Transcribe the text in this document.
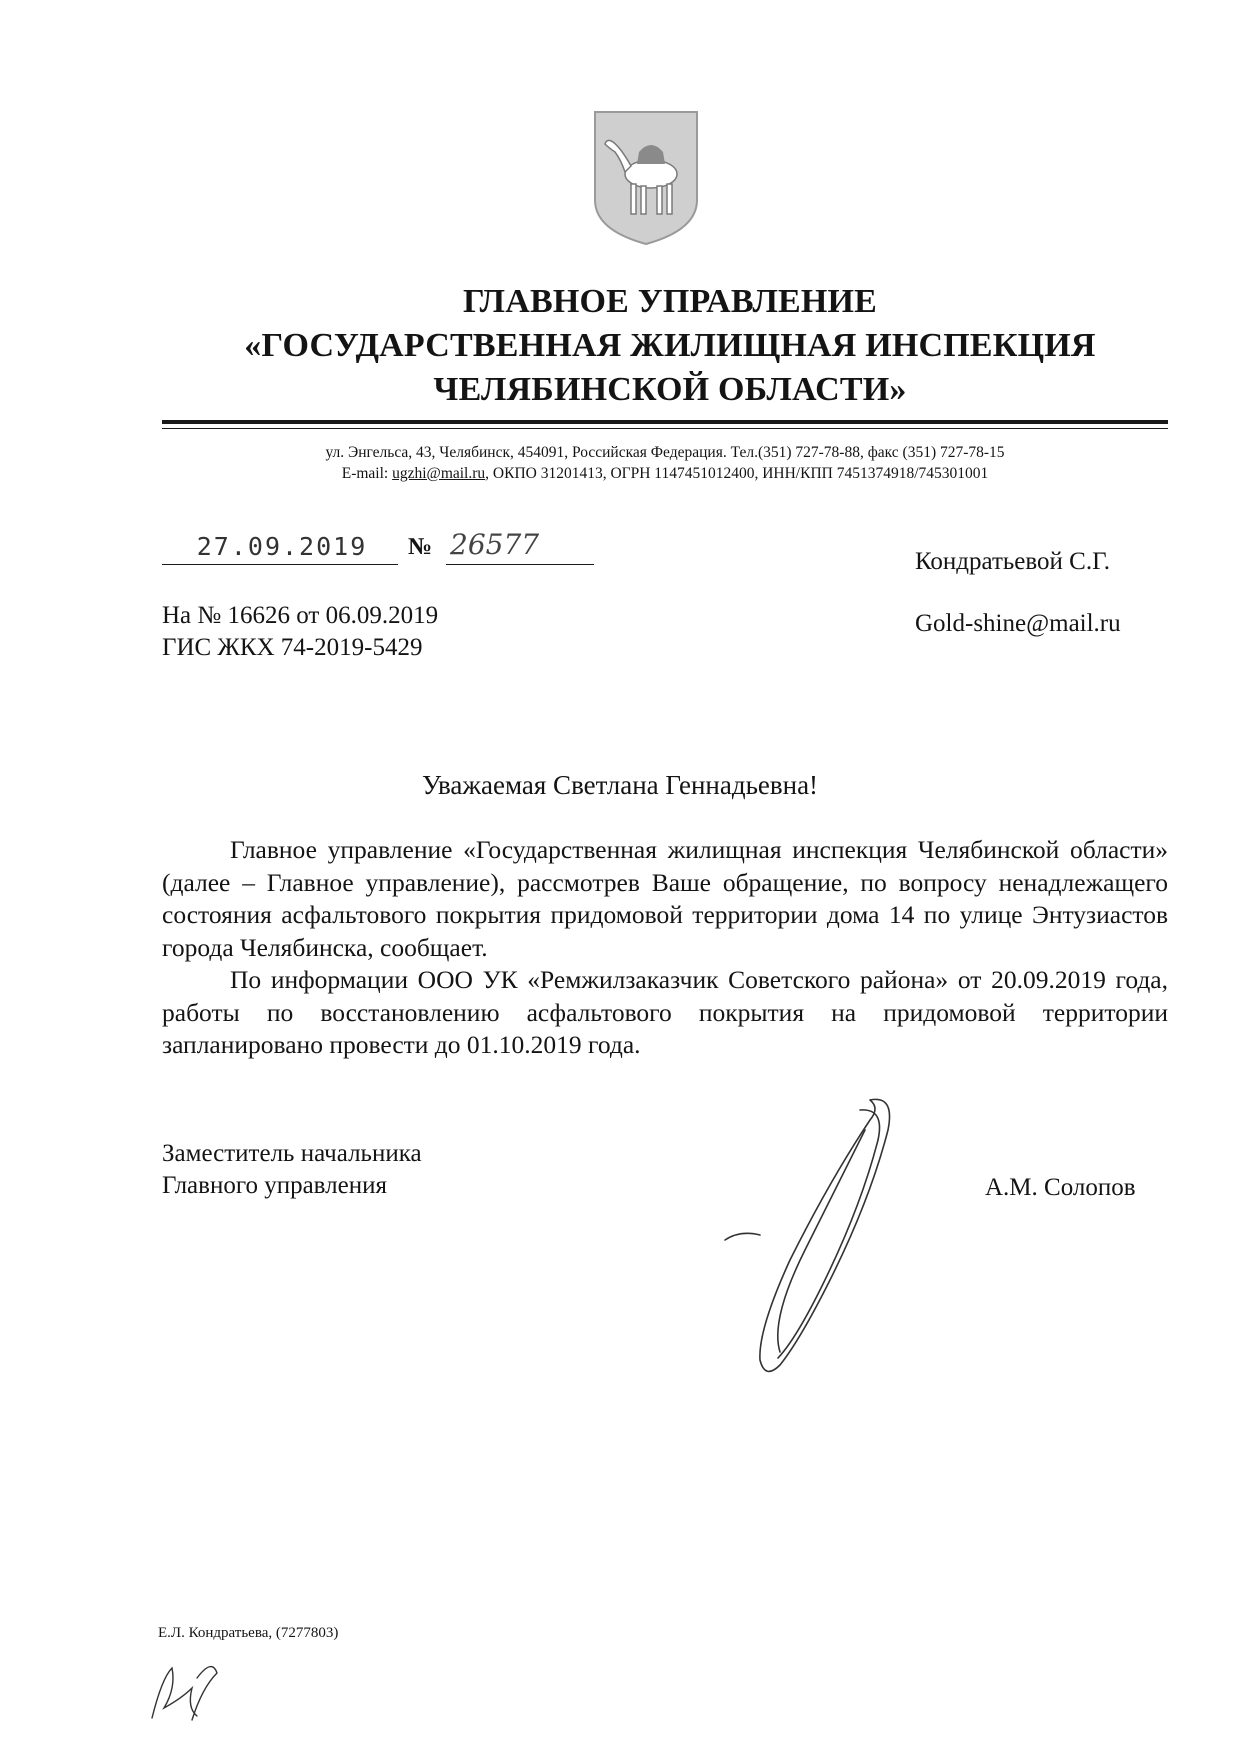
ГЛАВНОЕ УПРАВЛЕНИЕ
«ГОСУДАРСТВЕННАЯ ЖИЛИЩНАЯ ИНСПЕКЦИЯ
ЧЕЛЯБИНСКОЙ ОБЛАСТИ»
ул. Энгельса, 43, Челябинск, 454091, Российская Федерация. Тел.(351) 727-78-88, факс (351) 727-78-15
E-mail: ugzhi@mail.ru, ОКПО 31201413, ОГРН 1147451012400, ИНН/КПП 7451374918/745301001
27.09.2019	№ 26577
Кондратьевой С.Г.
Gold-shine@mail.ru
На № 16626 от 06.09.2019
ГИС ЖКХ 74-2019-5429
Уважаемая Светлана Геннадьевна!

Главное управление «Государственная жилищная инспекция Челябинской области» (далее – Главное управление), рассмотрев Ваше обращение, по вопросу ненадлежащего состояния асфальтового покрытия придомовой территории дома 14 по улице Энтузиастов города Челябинска, сообщает.

По информации ООО УК «Ремжилзаказчик Советского района» от 20.09.2019 года, работы по восстановлению асфальтового покрытия на придомовой территории запланировано провести до 01.10.2019 года.

Заместитель начальника
Главного управления	А.М. Солопов
Е.Л. Кондратьева, (7277803)
